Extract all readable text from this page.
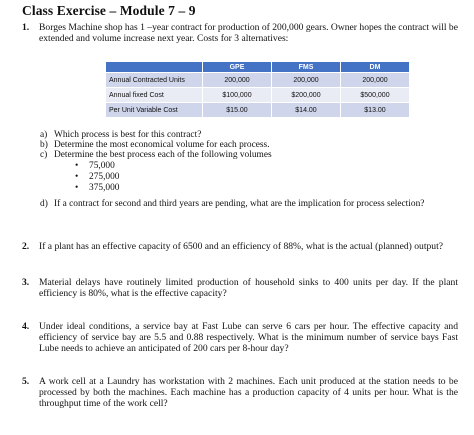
Class Exercise – Module 7 – 9
1. Borges Machine shop has 1 –year contract for production of 200,000 gears. Owner hopes the contract will be extended and volume increase next year. Costs for 3 alternatives:
	GPE	FMS	DM
Annual Contracted Units	200,000	200,000	200,000
Annual fixed Cost	$100,000	$200,000	$500,000
Per Unit Variable Cost	$15.00	$14.00	$13.00
a) Which process is best for this contract?
b) Determine the most economical volume for each process.
c) Determine the best process each of the following volumes
• 75,000
• 275,000
• 375,000
d) If a contract for second and third years are pending, what are the implication for process selection?
2. If a plant has an effective capacity of 6500 and an efficiency of 88%, what is the actual (planned) output?
3. Material delays have routinely limited production of household sinks to 400 units per day. If the plant efficiency is 80%, what is the effective capacity?
4. Under ideal conditions, a service bay at Fast Lube can serve 6 cars per hour. The effective capacity and efficiency of service bay are 5.5 and 0.88 respectively. What is the minimum number of service bays Fast Lube needs to achieve an anticipated of 200 cars per 8-hour day?
5. A work cell at a Laundry has workstation with 2 machines. Each unit produced at the station needs to be processed by both the machines. Each machine has a production capacity of 4 units per hour. What is the throughput time of the work cell?
